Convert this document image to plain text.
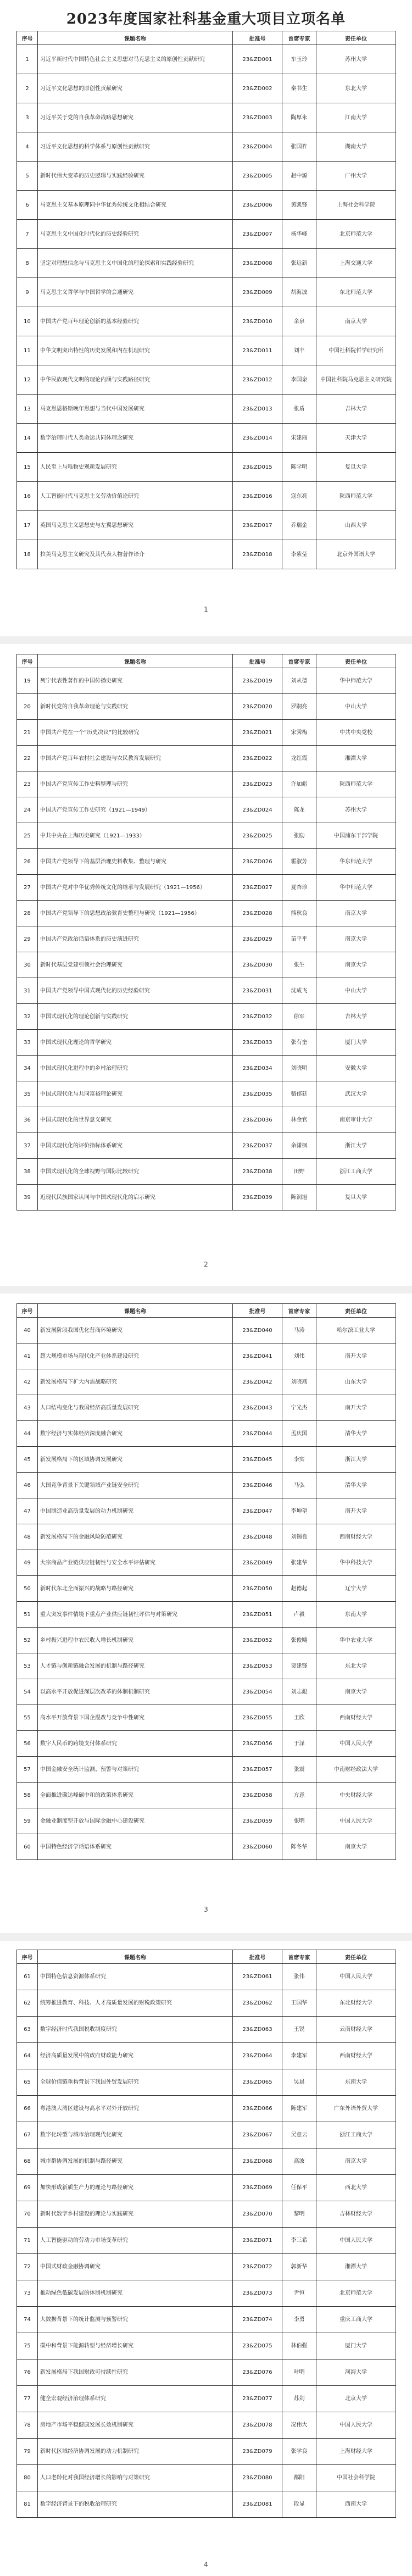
2023年度国家社科基金重大项目立项名单
序号	课题名称	批准号	首席专家	责任单位
1	习近平新时代中国特色社会主义思想对马克思主义的原创性贡献研究	23&ZD001	车玉玲	苏州大学
2	习近平文化思想的原创性贡献研究	23&ZD002	秦书生	东北大学
3	习近平关于党的自我革命战略思想研究	23&ZD003	陶厚永	江南大学
4	习近平文化思想的科学体系与原创性贡献研究	23&ZD004	张国祚	湖南大学
5	新时代伟大变革的历史逻辑与实践经验研究	23&ZD005	赵中源	广州大学
6	马克思主义基本原理同中华优秀传统文化相结合研究	23&ZD006	黄凯锋	上海社会科学院
7	马克思主义中国化时代化的历史经验研究	23&ZD007	杨华峰	北京师范大学
8	坚定对理想信念与马克思主义中国化的理论探索和实践经验研究	23&ZD008	张远新	上海交通大学
9	马克思主义哲学与中国哲学的会通研究	23&ZD009	胡海波	东北师范大学
10	中国共产党百年理论创新的基本经验研究	23&ZD010	余泉	南京大学
11	中华文明突出特性的历史发展和内在机理研究	23&ZD011	刘丰	中国社科院哲学研究所
12	中华民族现代文明的理论内涵与实践路径研究	23&ZD012	李国泉	中国社科院马克思主义研究院
13	马克思恩格斯晚年思想与当代中国发展研究	23&ZD013	张盾	吉林大学
14	数字治理时代人类命运共同体理念研究	23&ZD014	宋建丽	天津大学
15	人民至上与唯物史观新发展研究	23&ZD015	陈学明	复旦大学
16	人工智能时代马克思主义劳动价值论研究	23&ZD016	寇东亮	陕西师范大学
17	英国马克思主义思想史与左翼思想研究	23&ZD017	乔瑞金	山西大学
18	拉美马克思主义研究及其代表人物著作译介	23&ZD018	李紫莹	北京外国语大学
1
序号	课题名称	批准号	首席专家	责任单位
19	列宁代表性著作的中国传播史研究	23&ZD019	刘从德	华中师范大学
20	新时代党的自我革命理论与实践研究	23&ZD020	罗嗣亮	中山大学
21	中国共产党在一个“历史决议”的比较研究	23&ZD021	宋霁梅	中共中央党校
22	中国共产党百年农村社会建设与农民教育发展研究	23&ZD022	龙红霞	湘潭大学
23	中国共产党宣传工作史料整理与研究	23&ZD023	许加彪	陕西师范大学
24	中国共产党宣传工作史研究（1921—1949）	23&ZD024	陈龙	苏州大学
25	中共中央在上海历史研究（1921—1933）	23&ZD025	张励	中国浦东干部学院
26	中国共产党领导下的基层治理史料收集、整理与研究	23&ZD026	霍淑芳	华东师范大学
27	中国共产党对中华优秀传统文化的继承与发展研究（1921—1956）	23&ZD027	夏杏珍	华中师范大学
28	中国共产党领导下的思想政治教育史整理与研究（1921—1956）	23&ZD028	熊秋良	南京大学
29	中国共产党政治话语体系的历史演进研究	23&ZD029	苗平平	南京大学
30	新时代基层党建引领社会治理研究	23&ZD030	张生	南京大学
31	中国共产党领导中国式现代化的历史经验研究	23&ZD031	沈成飞	中山大学
32	中国式现代化的理论创新与实践研究	23&ZD032	徐军	吉林大学
33	中国式现代化理论的哲学研究	23&ZD033	张有奎	厦门大学
34	中国式现代化进程中的乡村治理研究	23&ZD034	刘晓明	安徽大学
35	中国式现代化与共同富裕理论研究	23&ZD035	骆郁廷	武汉大学
36	中国式现代化的世界意义研究	23&ZD036	林金官	南京审计大学
37	中国式现代化的评价指标体系研究	23&ZD037	余潇枫	浙江大学
38	中国式现代化的全球视野与国际比较研究	23&ZD038	田野	浙江工商大学
39	近现代民族国家认同与中国式现代化的启示研究	23&ZD039	陈润旭	复旦大学
2
序号	课题名称	批准号	首席专家	责任单位
40	新发展阶段我国优化营商环境研究	23&ZD040	马涛	哈尔滨工业大学
41	超大规模市场与现代化产业体系建设研究	23&ZD041	刘伟	南开大学
42	新发展格局下扩大内需战略研究	23&ZD042	刘晓燕	山东大学
43	人口结构变化与我国经济高质量发展研究	23&ZD043	宁光杰	南开大学
44	数字经济与实体经济深度融合研究	23&ZD044	孟庆国	清华大学
45	新发展格局下的区域协调发展研究	23&ZD045	李实	浙江大学
46	大国竞争背景下关键领域产业链安全研究	23&ZD046	马弘	清华大学
47	中国制造业高质量发展的动力机制研究	23&ZD047	李坤望	南开大学
48	新发展格局下的金融风险防范研究	23&ZD048	刘锡良	西南财经大学
49	大宗商品产业链供应链韧性与安全水平评估研究	23&ZD049	张建华	华中科技大学
50	新时代东北全面振兴的战略与路径研究	23&ZD050	赵德起	辽宁大学
51	重大突发事件情境下重点产业供应链韧性评估与对策研究	23&ZD051	卢毅	东南大学
52	乡村振兴进程中农民收入增长机制研究	23&ZD052	张俊飚	华中农业大学
53	人才链与创新链融合发展的机制与路径研究	23&ZD053	贾建锋	东北大学
54	以高水平开放促进深层次改革的体制机制研究	23&ZD054	刘志彪	南京大学
55	高水平开放背景下国企混改与竞争中性研究	23&ZD055	王欣	西南财经大学
56	数字人民币的跨境支付体系研究	23&ZD056	于泽	中国人民大学
57	中国金融安全统计监测、预警与对策研究	23&ZD057	张震	中南财经政法大学
58	全面推进碳达峰碳中和的政策体系研究	23&ZD058	方意	中央财经大学
59	金融业制度型开放与国际金融中心建设研究	23&ZD059	张明	中国人民大学
60	中国特色经济学话语体系研究	23&ZD060	陈冬华	南京大学
3
序号	课题名称	批准号	首席专家	责任单位
61	中国特色信息资源体系研究	23&ZD061	张伟	中国人民大学
62	统筹推进教育、科技、人才高质量发展的财税政策研究	23&ZD062	王国华	东北财经大学
63	数字经济时代我国税收制度研究	23&ZD063	王锐	云南财经大学
64	经济高质量发展中的政府财政能力研究	23&ZD064	李建军	西南财经大学
65	全球价值链重构背景下我国外贸发展研究	23&ZD065	吴晨	东南大学
66	粤港澳大湾区建设与高水平对外开放研究	23&ZD066	陈建军	广东外语外贸大学
67	数字化转型与城市治理现代化研究	23&ZD067	吴意云	浙江工商大学
68	城市群协调发展的机制与路径研究	23&ZD068	高波	南京大学
69	加快形成新质生产力的理论与路径研究	23&ZD069	任保平	西北大学
70	新时代数字乡村建设的理论与实践研究	23&ZD070	黎明	吉林财经大学
71	人工智能驱动的劳动力市场变革研究	23&ZD071	李三希	中国人民大学
72	中国式财政金融协调研究	23&ZD072	郭新华	湘潭大学
73	推动绿色低碳发展的体制机制研究	23&ZD073	尹恒	北京师范大学
74	大数据背景下的统计监测与预警研究	23&ZD074	李勇	重庆工商大学
75	碳中和背景下能源转型与经济增长研究	23&ZD075	林伯强	厦门大学
76	新发展格局下我国财政可持续性研究	23&ZD076	叶明	河海大学
77	健全宏观经济治理体系研究	23&ZD077	苏剑	北京大学
78	房地产市场平稳健康发展长效机制研究	23&ZD078	况伟大	中国人民大学
79	新时代区域经济协调发展的动力机制研究	23&ZD079	张学良	上海财经大学
80	人口老龄化对我国经济增长的影响与对策研究	23&ZD080	都阳	中国社会科学院
81	数字经济背景下的税收治理研究	23&ZD081	段显	西南大学
4
